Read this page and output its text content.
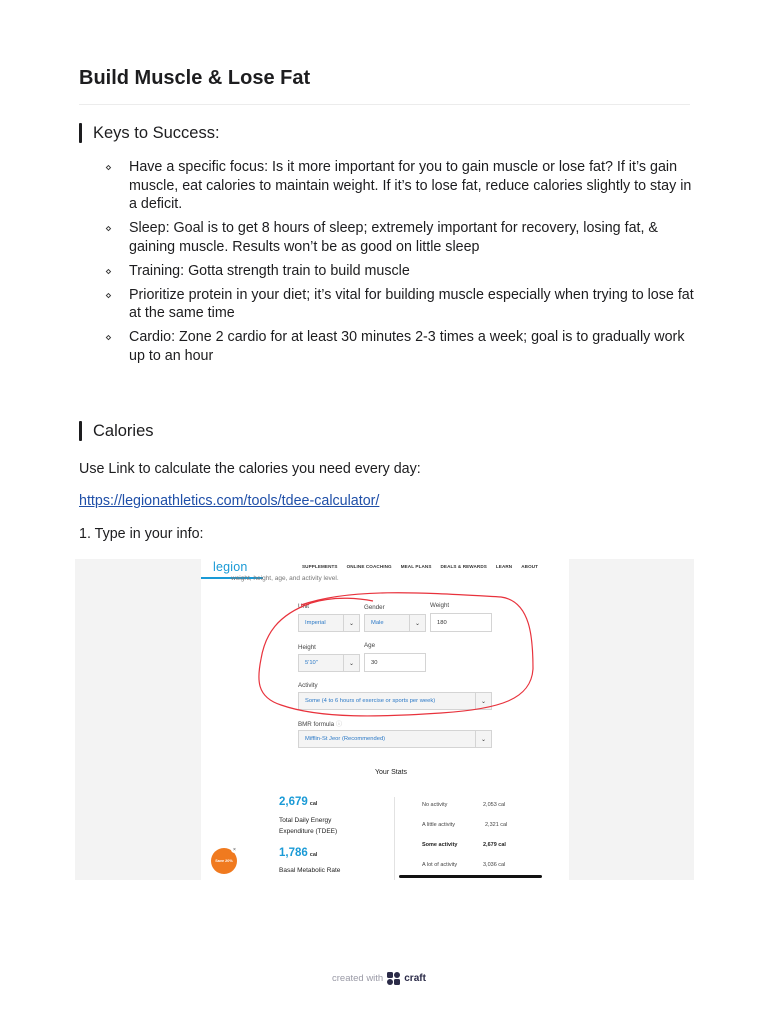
Build Muscle & Lose Fat
Keys to Success:
⋄ Have a specific focus: Is it more important for you to gain muscle or lose fat? If it’s gain muscle, eat calories to maintain weight. If it’s to lose fat, reduce calories slightly to stay in a deficit.
⋄ Sleep: Goal is to get 8 hours of sleep; extremely important for recovery, losing fat, & gaining muscle. Results won’t be as good on little sleep
⋄ Training: Gotta strength train to build muscle
⋄ Prioritize protein in your diet; it’s vital for building muscle especially when trying to lose fat at the same time
⋄ Cardio: Zone 2 cardio for at least 30 minutes 2-3 times a week; goal is to gradually work up to an hour
Calories
Use Link to calculate the calories you need every day:
https://legionathletics.com/tools/tdee-calculator/
1. Type in your info:
legion	SUPPLEMENTS ONLINE COACHING MEAL PLANS DEALS & REWARDS LEARN ABOUT
weight, height, age, and activity level.
Unit
Imperial	⌄
Gender
Male	⌄
Weight
180
Height
5'10"	⌄
Age
30
Activity
Some (4 to 6 hours of exercise or sports per week)	⌄
BMR formula ⓘ
Mifflin-St Jeor (Recommended)	⌄
Your Stats
2,679 cal
Total Daily Energy
Expenditure (TDEE)
1,786 cal
Basal Metabolic Rate
No activity	2,053 cal
A little activity	2,321 cal
Some activity	2,679 cal
A lot of activity	3,036 cal
Save 20%
×
created with craft
